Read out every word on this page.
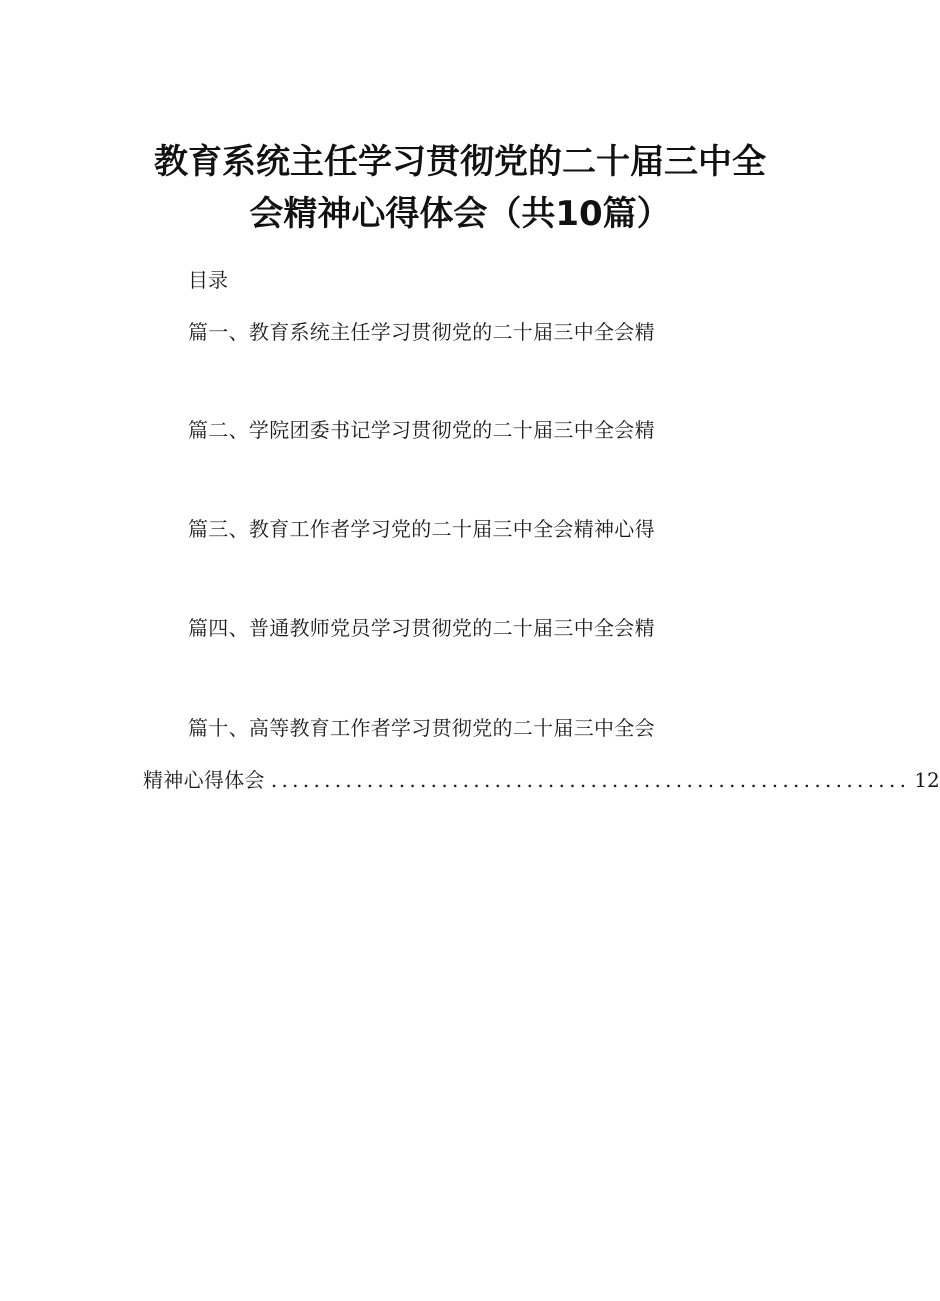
教育系统主任学习贯彻党的二十届三中全
会精神心得体会（共10篇）
目录
篇一、教育系统主任学习贯彻党的二十届三中全会精
篇二、学院团委书记学习贯彻党的二十届三中全会精
篇三、教育工作者学习党的二十届三中全会精神心得
篇四、普通教师党员学习贯彻党的二十届三中全会精
篇十、高等教育工作者学习贯彻党的二十届三中全会
精神心得体会 ............................................................ 12
